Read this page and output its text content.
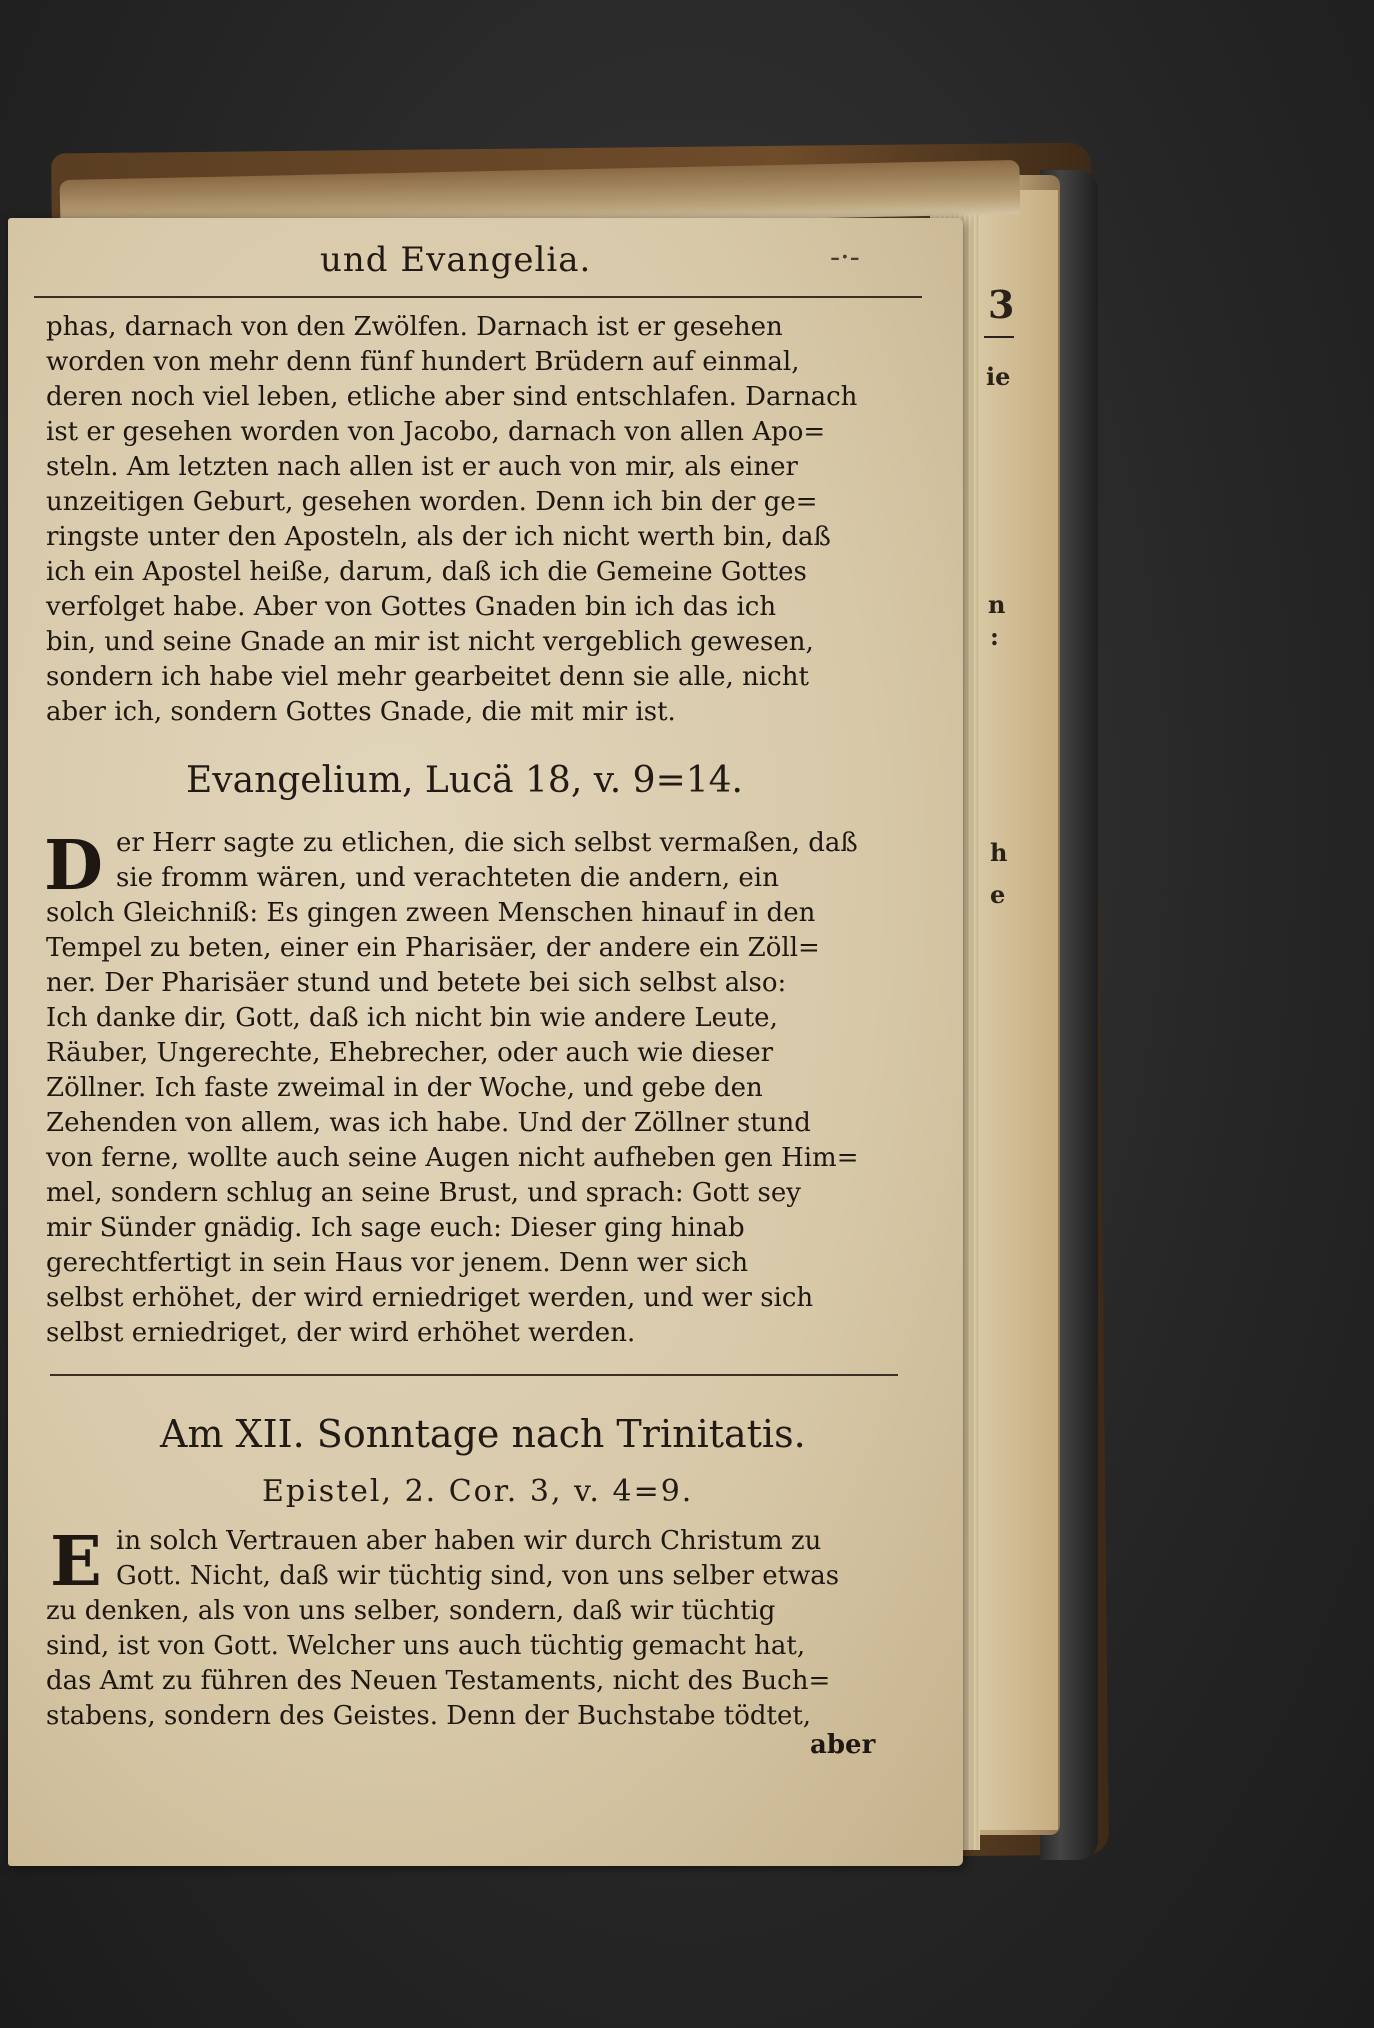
3
ie
n
:
h
e
und Evangelia.	-·-
phas, darnach von den Zwölfen. Darnach ist er gesehen
worden von mehr denn fünf hundert Brüdern auf einmal,
deren noch viel leben, etliche aber sind entschlafen. Darnach
ist er gesehen worden von Jacobo, darnach von allen Apo=
steln. Am letzten nach allen ist er auch von mir, als einer
unzeitigen Geburt, gesehen worden. Denn ich bin der ge=
ringste unter den Aposteln, als der ich nicht werth bin, daß
ich ein Apostel heiße, darum, daß ich die Gemeine Gottes
verfolget habe. Aber von Gottes Gnaden bin ich das ich
bin, und seine Gnade an mir ist nicht vergeblich gewesen,
sondern ich habe viel mehr gearbeitet denn sie alle, nicht
aber ich, sondern Gottes Gnade, die mit mir ist.
Evangelium, Lucä 18, v. 9=14.
D er Herr sagte zu etlichen, die sich selbst vermaßen, daß
sie fromm wären, und verachteten die andern, ein
solch Gleichniß: Es gingen zween Menschen hinauf in den
Tempel zu beten, einer ein Pharisäer, der andere ein Zöll=
ner. Der Pharisäer stund und betete bei sich selbst also:
Ich danke dir, Gott, daß ich nicht bin wie andere Leute,
Räuber, Ungerechte, Ehebrecher, oder auch wie dieser
Zöllner. Ich faste zweimal in der Woche, und gebe den
Zehenden von allem, was ich habe. Und der Zöllner stund
von ferne, wollte auch seine Augen nicht aufheben gen Him=
mel, sondern schlug an seine Brust, und sprach: Gott sey
mir Sünder gnädig. Ich sage euch: Dieser ging hinab
gerechtfertigt in sein Haus vor jenem. Denn wer sich
selbst erhöhet, der wird erniedriget werden, und wer sich
selbst erniedriget, der wird erhöhet werden.
Am XII. Sonntage nach Trinitatis.
Epistel, 2. Cor. 3, v. 4=9.
E in solch Vertrauen aber haben wir durch Christum zu
Gott. Nicht, daß wir tüchtig sind, von uns selber etwas
zu denken, als von uns selber, sondern, daß wir tüchtig
sind, ist von Gott. Welcher uns auch tüchtig gemacht hat,
das Amt zu führen des Neuen Testaments, nicht des Buch=
stabens, sondern des Geistes. Denn der Buchstabe tödtet,
aber
